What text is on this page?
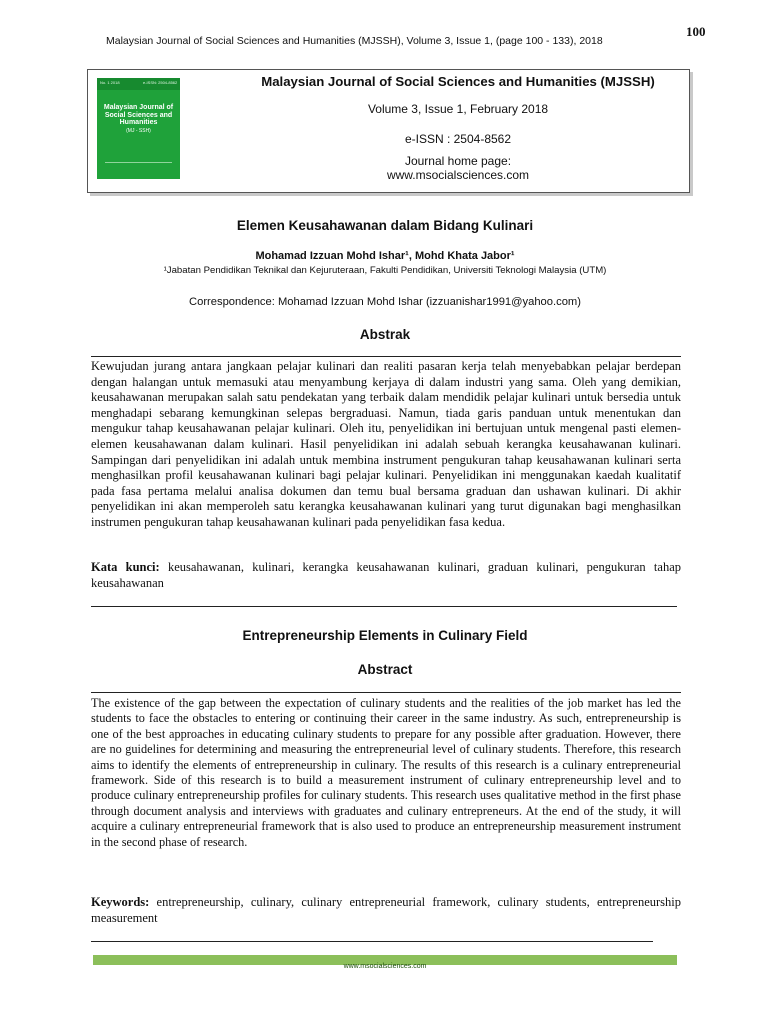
Malaysian Journal of Social Sciences and Humanities (MJSSH), Volume 3, Issue 1, (page 100 - 133), 2018
100
No. 1 2018	e-ISSN: 2504-8562
Malaysian Journal of Social Sciences and Humanities
(MJ - SSH)
Malaysian Journal of Social Sciences and Humanities (MJSSH)
Volume 3, Issue 1, February 2018
e-ISSN : 2504-8562
Journal home page:
www.msocialsciences.com
Elemen Keusahawanan dalam Bidang Kulinari
Mohamad Izzuan Mohd Ishar¹, Mohd Khata Jabor¹
¹Jabatan Pendidikan Teknikal dan Kejuruteraan, Fakulti Pendidikan, Universiti Teknologi Malaysia (UTM)
Correspondence: Mohamad Izzuan Mohd Ishar (izzuanishar1991@yahoo.com)
Abstrak
Kewujudan jurang antara jangkaan pelajar kulinari dan realiti pasaran kerja telah menyebabkan pelajar berdepan dengan halangan untuk memasuki atau menyambung kerjaya di dalam industri yang sama. Oleh yang demikian, keusahawanan merupakan salah satu pendekatan yang terbaik dalam mendidik pelajar kulinari untuk bersedia untuk menghadapi sebarang kemungkinan selepas bergraduasi. Namun, tiada garis panduan untuk menentukan dan mengukur tahap keusahawanan pelajar kulinari. Oleh itu, penyelidikan ini bertujuan untuk mengenal pasti elemen-elemen keusahawanan dalam kulinari. Hasil penyelidikan ini adalah sebuah kerangka keusahawanan kulinari. Sampingan dari penyelidikan ini adalah untuk membina instrument pengukuran tahap keusahawanan kulinari serta menghasilkan profil keusahawanan kulinari bagi pelajar kulinari. Penyelidikan ini menggunakan kaedah kualitatif pada fasa pertama melalui analisa dokumen dan temu bual bersama graduan dan ushawan kulinari. Di akhir penyelidikan ini akan memperoleh satu kerangka keusahawanan kulinari yang turut digunakan bagi menghasilkan instrumen pengukuran tahap keusahawanan kulinari pada penyelidikan fasa kedua.
Kata kunci: keusahawanan, kulinari, kerangka keusahawanan kulinari, graduan kulinari, pengukuran tahap keusahawanan
Entrepreneurship Elements in Culinary Field
Abstract
The existence of the gap between the expectation of culinary students and the realities of the job market has led the students to face the obstacles to entering or continuing their career in the same industry. As such, entrepreneurship is one of the best approaches in educating culinary students to prepare for any possible after graduation. However, there are no guidelines for determining and measuring the entrepreneurial level of culinary students. Therefore, this research aims to identify the elements of entrepreneurship in culinary. The results of this research is a culinary entrepreneurial framework. Side of this research is to build a measurement instrument of culinary entrepreneurship level and to produce culinary entrepreneurship profiles for culinary students. This research uses qualitative method in the first phase through document analysis and interviews with graduates and culinary entrepreneurs. At the end of the study, it will acquire a culinary entrepreneurial framework that is also used to produce an entrepreneurship measurement instrument in the second phase of research.
Keywords: entrepreneurship, culinary, culinary entrepreneurial framework, culinary students, entrepreneurship measurement
www.msocialsciences.com
